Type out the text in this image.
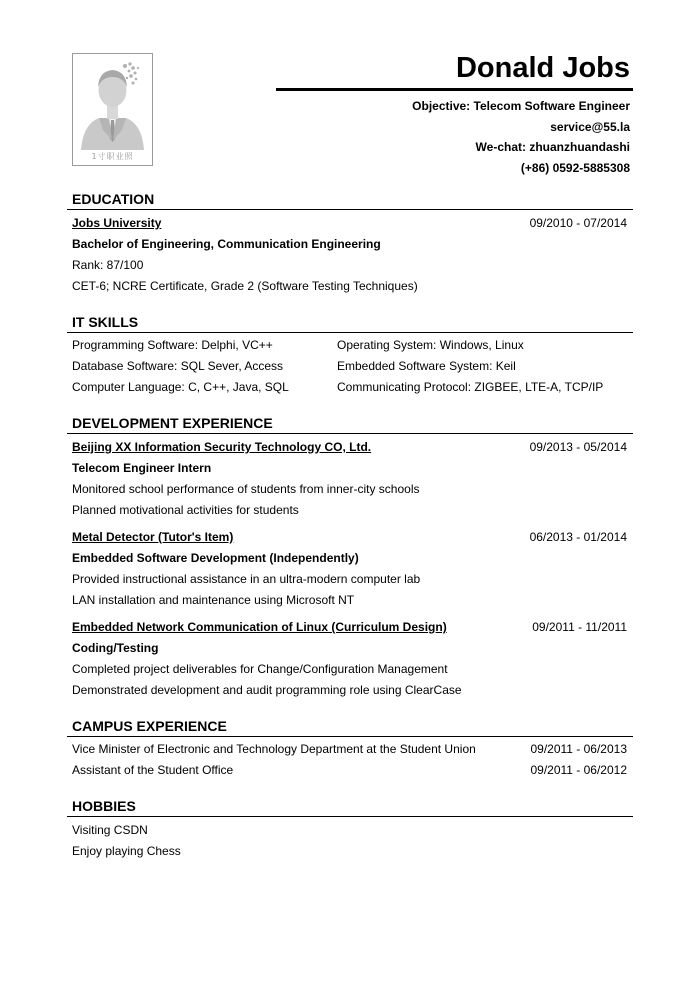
1寸职业照
Donald Jobs
Objective: Telecom Software Engineer
service@55.la
We-chat: zhuanzhuandashi
(+86) 0592-5885308
EDUCATION
Jobs University	09/2010 - 07/2014
Bachelor of Engineering, Communication Engineering
Rank: 87/100
CET-6; NCRE Certificate, Grade 2 (Software Testing Techniques)
IT SKILLS
Programming Software: Delphi, VC++	Operating System: Windows, Linux
Database Software: SQL Sever, Access	Embedded Software System: Keil
Computer Language: C, C++, Java, SQL	Communicating Protocol: ZIGBEE, LTE-A, TCP/IP
DEVELOPMENT EXPERIENCE
Beijing XX Information Security Technology CO, Ltd.	09/2013 - 05/2014
Telecom Engineer Intern
Monitored school performance of students from inner-city schools
Planned motivational activities for students
Metal Detector (Tutor's Item)	06/2013 - 01/2014
Embedded Software Development (Independently)
Provided instructional assistance in an ultra-modern computer lab
LAN installation and maintenance using Microsoft NT
Embedded Network Communication of Linux (Curriculum Design)	09/2011 - 11/2011
Coding/Testing
Completed project deliverables for Change/Configuration Management
Demonstrated development and audit programming role using ClearCase
CAMPUS EXPERIENCE
Vice Minister of Electronic and Technology Department at the Student Union	09/2011 - 06/2013
Assistant of the Student Office	09/2011 - 06/2012
HOBBIES
Visiting CSDN
Enjoy playing Chess
